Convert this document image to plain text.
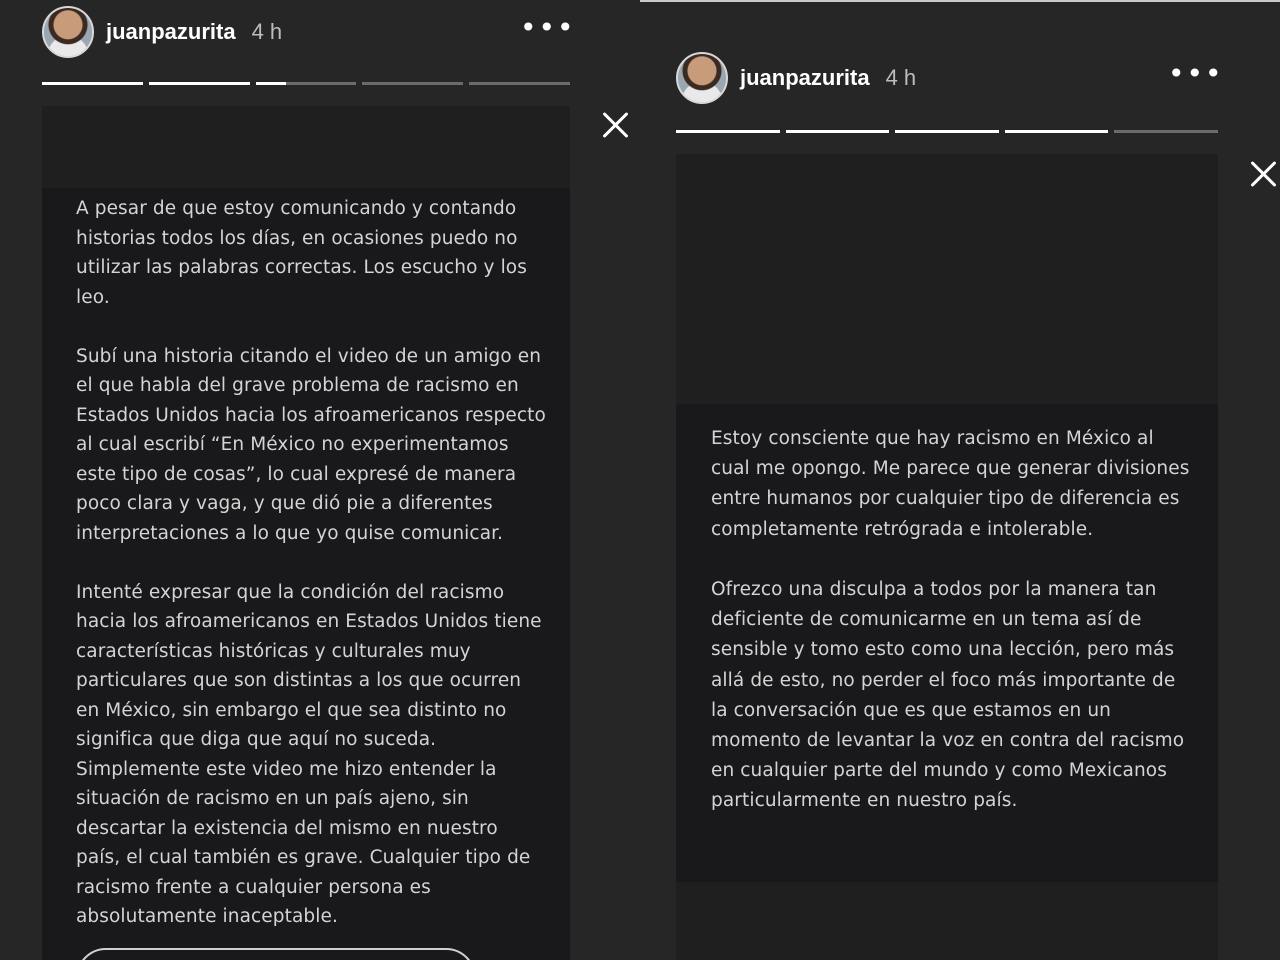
juanpazurita 4 h	•••

A pesar de que estoy comunicando y contando historias todos los días, en ocasiones puedo no utilizar las palabras correctas. Los escucho y los leo.

Subí una historia citando el video de un amigo en el que habla del grave problema de racismo en Estados Unidos hacia los afroamericanos respecto al cual escribí “En México no experimentamos este tipo de cosas”, lo cual expresé de manera poco clara y vaga, y que dió pie a diferentes interpretaciones a lo que yo quise comunicar.

Intenté expresar que la condición del racismo hacia los afroamericanos en Estados Unidos tiene características históricas y culturales muy particulares que son distintas a los que ocurren en México, sin embargo el que sea distinto no significa que diga que aquí no suceda. Simplemente este video me hizo entender la situación de racismo en un país ajeno, sin descartar la existencia del mismo en nuestro país, el cual también es grave. Cualquier tipo de racismo frente a cualquier persona es absolutamente inaceptable.

juanpazurita 4 h	•••

Estoy consciente que hay racismo en México al cual me opongo. Me parece que generar divisiones entre humanos por cualquier tipo de diferencia es completamente retrógrada e intolerable.

Ofrezco una disculpa a todos por la manera tan deficiente de comunicarme en un tema así de sensible y tomo esto como una lección, pero más allá de esto, no perder el foco más importante de la conversación que es que estamos en un momento de levantar la voz en contra del racismo en cualquier parte del mundo y como Mexicanos particularmente en nuestro país.
